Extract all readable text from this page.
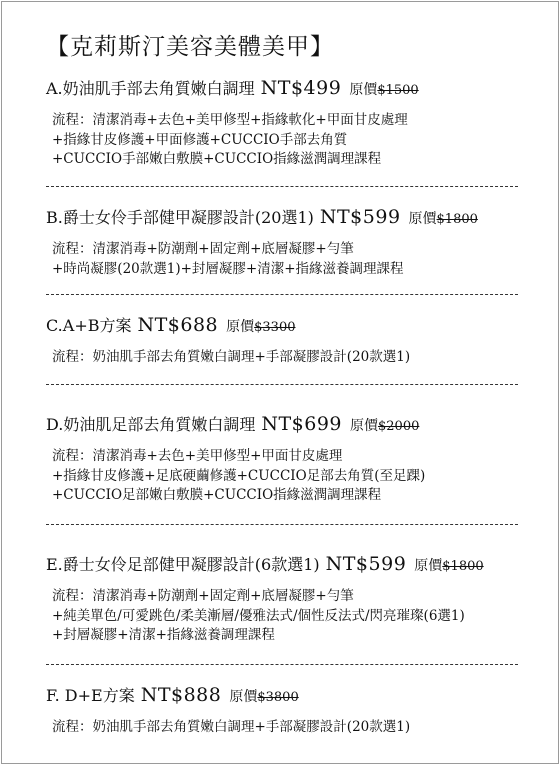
【克莉斯汀美容美體美甲】
A.奶油肌手部去角質嫩白調理 NT$499 原價$1500
流程：清潔消毒+去色+美甲修型+指緣軟化+甲面甘皮處理
+指緣甘皮修護+甲面修護+CUCCIO手部去角質
+CUCCIO手部嫩白敷膜+CUCCIO指緣滋潤調理課程
B.爵士女伶手部健甲凝膠設計(20選1) NT$599 原價$1800
流程：清潔消毒+防潮劑+固定劑+底層凝膠+勻筆
+時尚凝膠(20款選1)+封層凝膠+清潔+指緣滋養調理課程
C.A+B方案 NT$688 原價$3300
流程：奶油肌手部去角質嫩白調理+手部凝膠設計(20款選1)
D.奶油肌足部去角質嫩白調理 NT$699 原價$2000
流程：清潔消毒+去色+美甲修型+甲面甘皮處理
+指緣甘皮修護+足底硬繭修護+CUCCIO足部去角質(至足踝)
+CUCCIO足部嫩白敷膜+CUCCIO指緣滋潤調理課程
E.爵士女伶足部健甲凝膠設計(6款選1) NT$599 原價$1800
流程：清潔消毒+防潮劑+固定劑+底層凝膠+勻筆
+純美單色/可愛跳色/柔美漸層/優雅法式/個性反法式/閃亮璀璨(6選1)
+封層凝膠+清潔+指緣滋養調理課程
F. D+E方案 NT$888 原價$3800
流程：奶油肌手部去角質嫩白調理+手部凝膠設計(20款選1)
